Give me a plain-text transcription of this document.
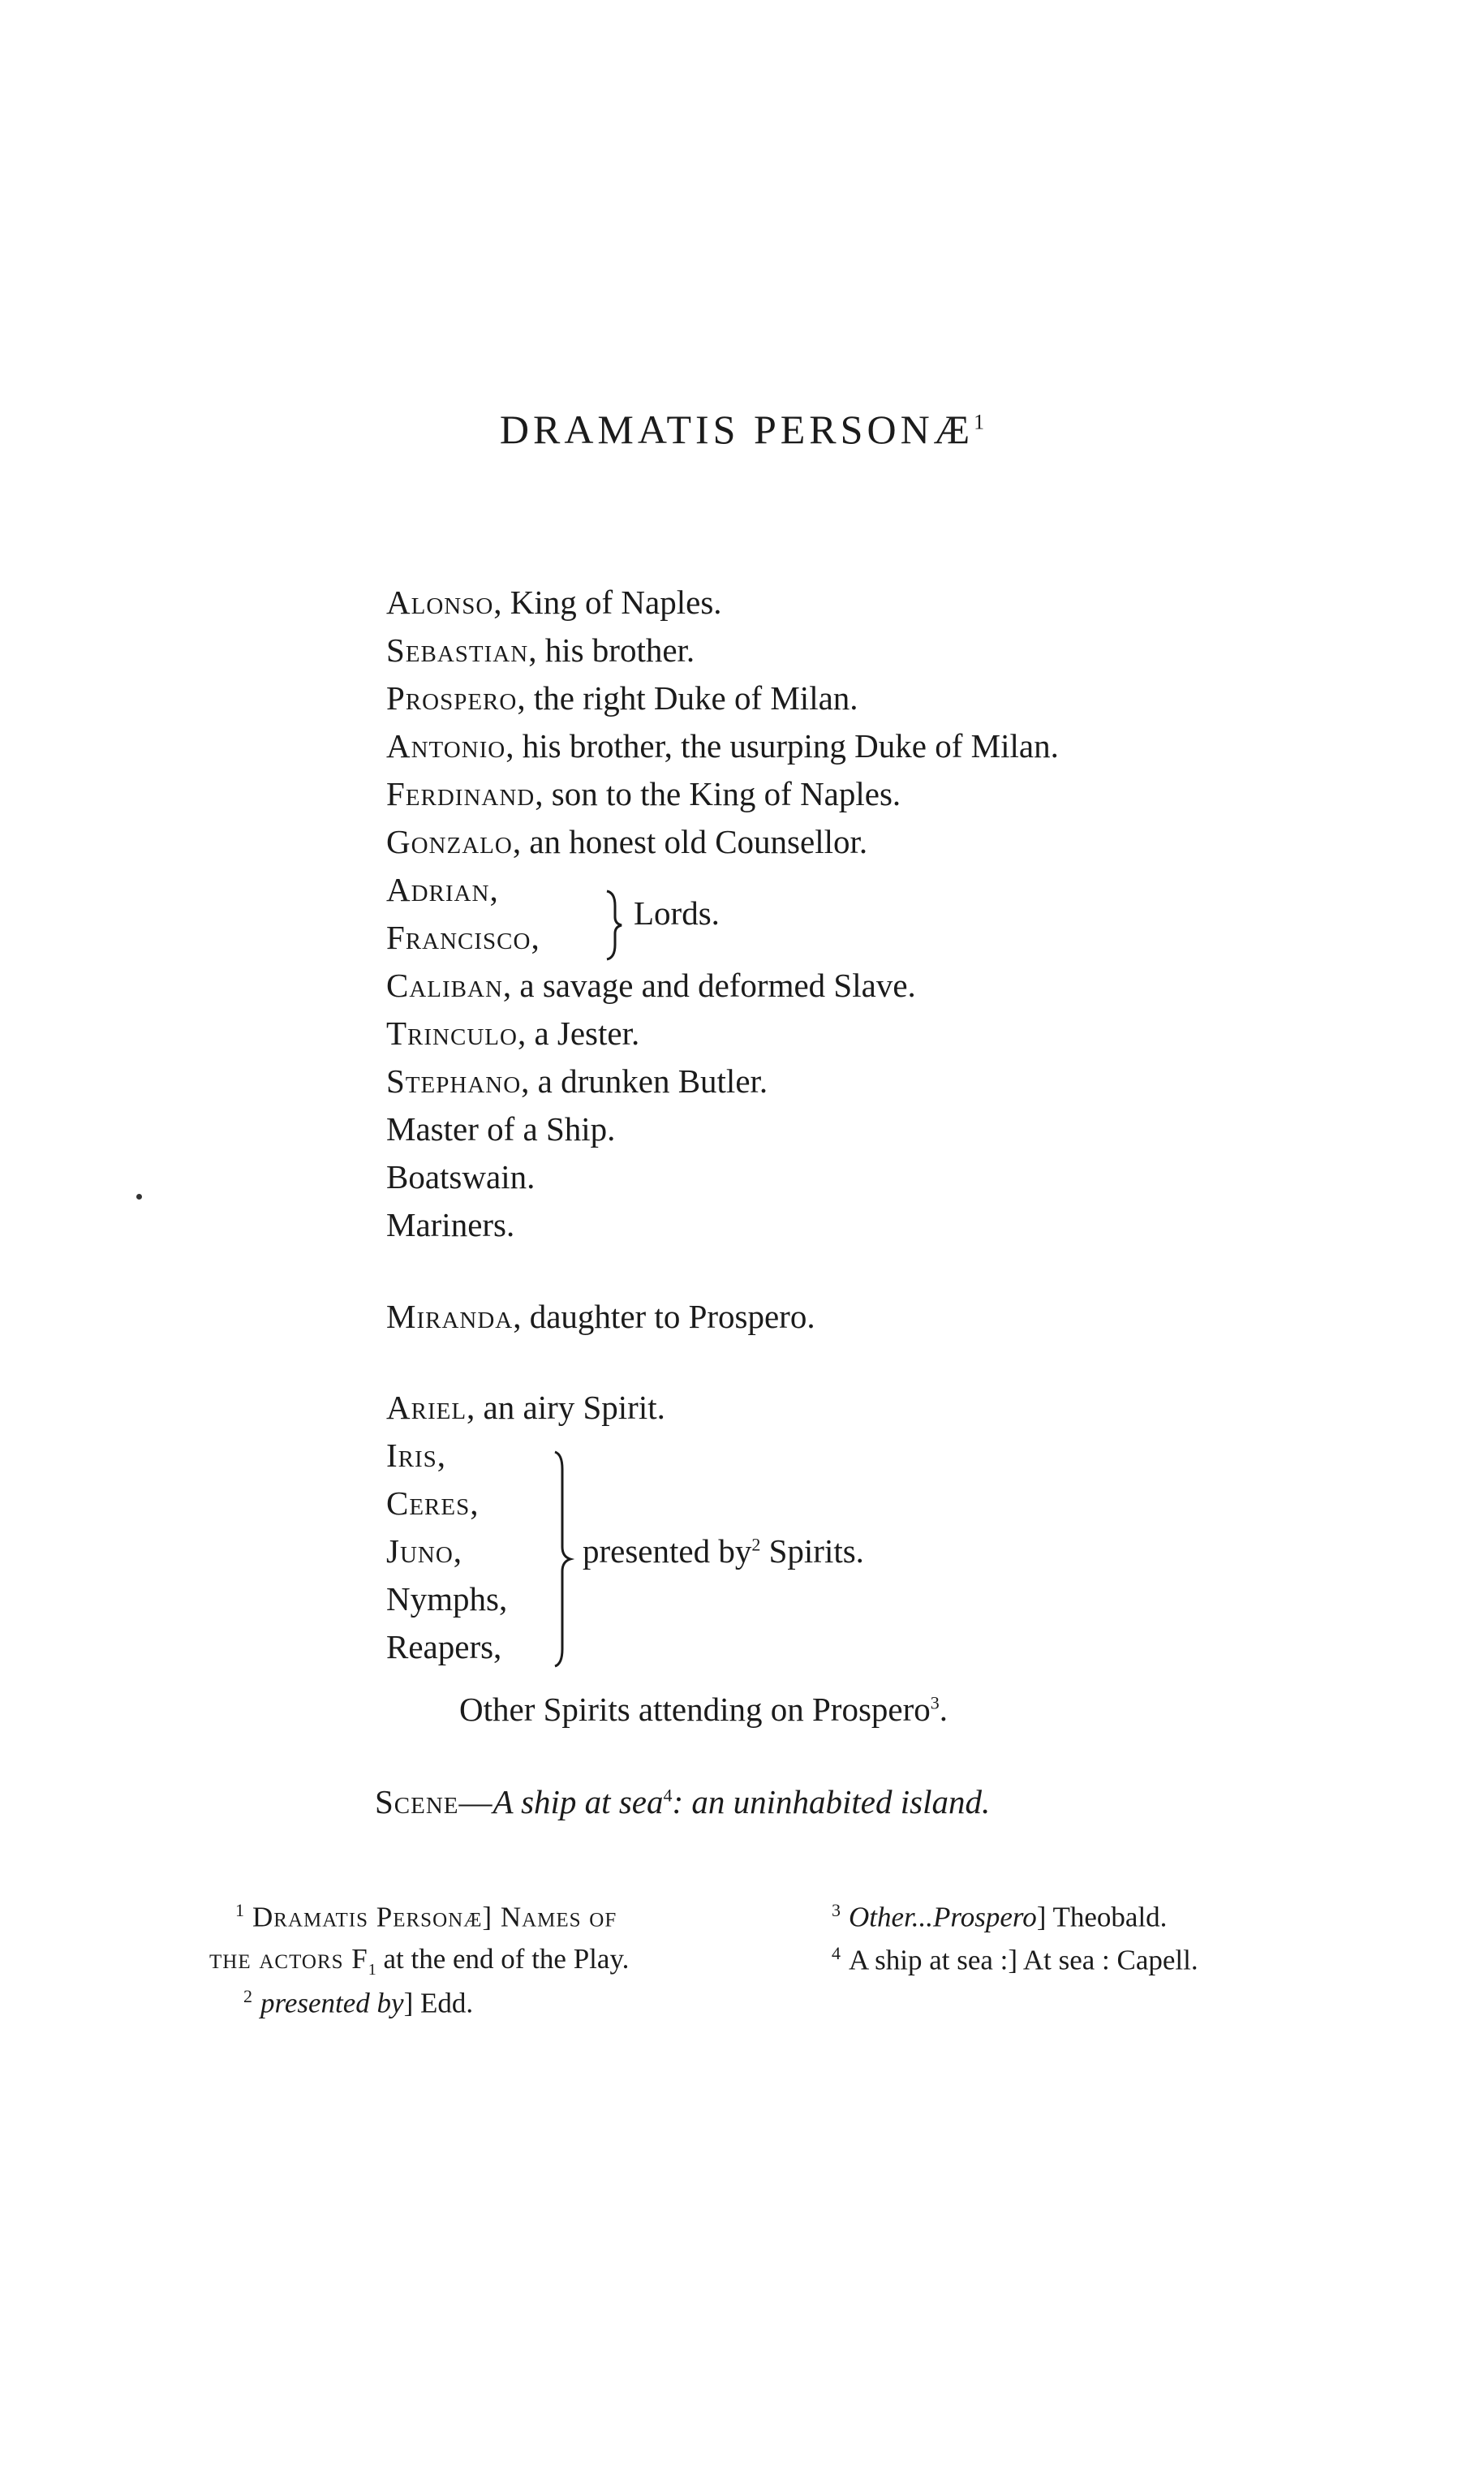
DRAMATIS PERSONÆ$^1$
Alonso, King of Naples.
Sebastian, his brother.
Prospero, the right Duke of Milan.
Antonio, his brother, the usurping Duke of Milan.
Ferdinand, son to the King of Naples.
Gonzalo, an honest old Counsellor.
Adrian,
Francisco,
Lords.
Caliban, a savage and deformed Slave.
Trinculo, a Jester.
Stephano, a drunken Butler.
Master of a Ship.
Boatswain.
Mariners.
Miranda, daughter to Prospero.
Ariel, an airy Spirit.
Iris,
Ceres,
Juno,
Nymphs,
Reapers,
presented $by^2$ Spirits.
Other Spirits attending on Prospero$^3$.
Scene—A ship at sea$^4$: an uninhabited island.
$^1$ Dramatis Personæ] Names of
the actors $F_1$ at the end of the Play.
$^2$ presented by] Edd.
$^3$ Other...Prospero] Theobald.
$^4$ A ship at sea :] At sea : Capell.
